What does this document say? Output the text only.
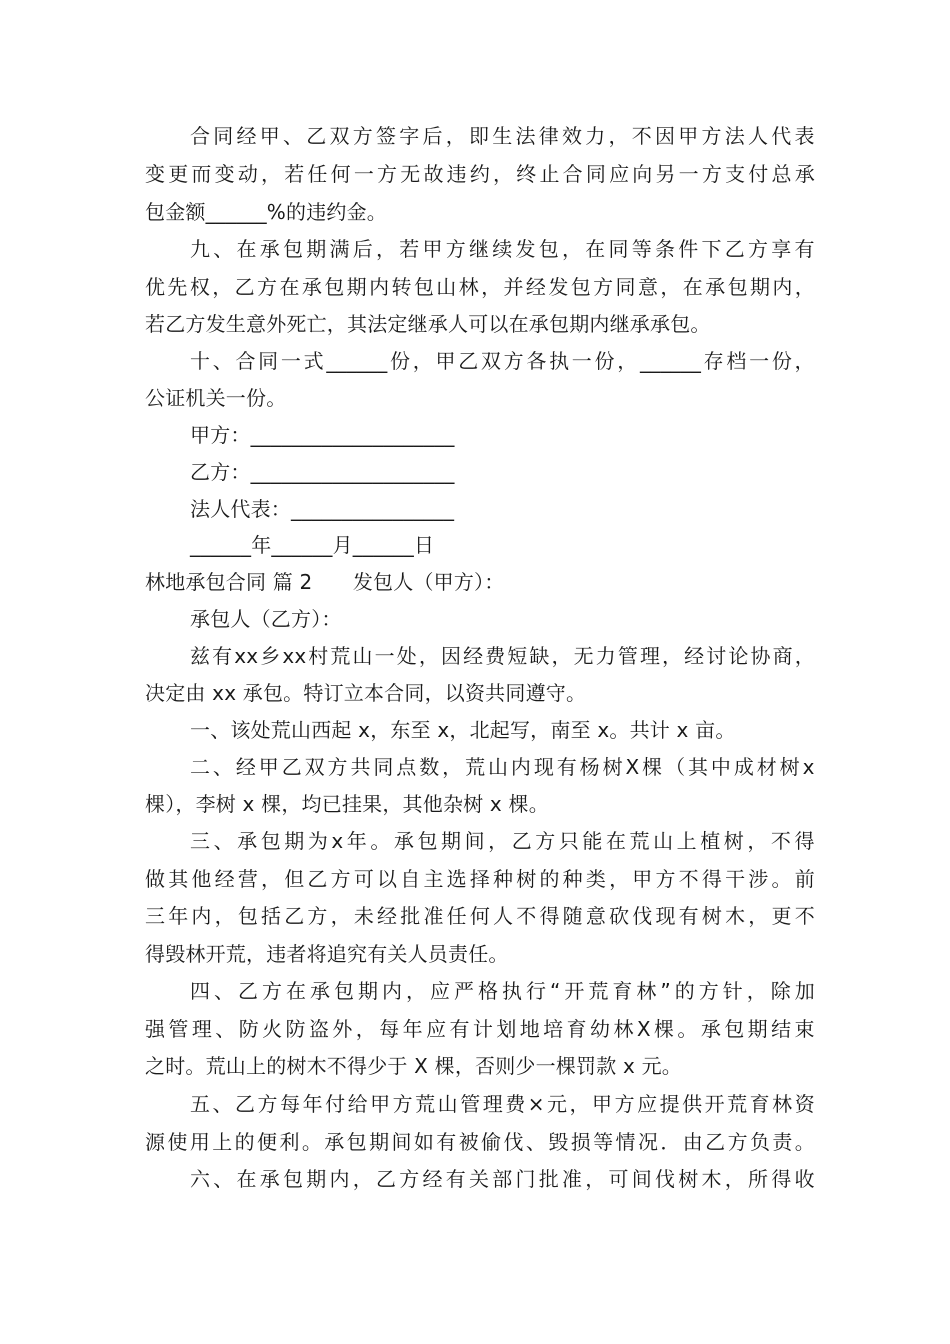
合 同 经 甲 、 乙 双 方 签 字 后 ， 即 生 法 律 效 力 ， 不 因 甲 方 法 人 代 表
变 更 而 变 动 ， 若 任 何 一 方 无 故 违 约 ， 终 止 合 同 应 向 另 一 方 支 付 总 承
包金额______%的违约金。
九 、 在 承 包 期 满 后 ， 若 甲 方 继 续 发 包 ， 在 同 等 条 件 下 乙 方 享 有
优 先 权 ， 乙 方 在 承 包 期 内 转 包 山 林 ， 并 经 发 包 方 同 意 ， 在 承 包 期 内 ，
若乙方发生意外死亡，其法定继承人可以在承包期内继承承包。
十 、 合 同 一 式 ______ 份 ， 甲 乙 双 方 各 执 一 份 ， ______ 存 档 一 份 ，
公证机关一份。
甲方：____________________
乙方：____________________
法人代表：________________
______年______月______日
林地承包合同 篇 2　　发包人（甲方）：
承包人（乙方）：
兹 有 xx 乡 xx 村 荒 山 一 处 ， 因 经 费 短 缺 ， 无 力 管 理 ， 经 讨 论 协 商 ，
决定由 xx 承包。特订立本合同，以资共同遵守。
一、该处荒山西起 x，东至 x，北起写，南至 x。共计 x 亩。
二 、 经 甲 乙 双 方 共 同 点 数 ， 荒 山 内 现 有 杨 树 X 棵 （ 其 中 成 材 树 x
棵），李树 x 棵，均已挂果，其他杂树 x 棵。
三 、 承 包 期 为 x 年 。 承 包 期 间 ， 乙 方 只 能 在 荒 山 上 植 树 ， 不 得
做 其 他 经 营 ， 但 乙 方 可 以 自 主 选 择 种 树 的 种 类 ， 甲 方 不 得 干 涉 。 前
三 年 内 ， 包 括 乙 方 ， 未 经 批 准 任 何 人 不 得 随 意 砍 伐 现 有 树 木 ， 更 不
得毁林开荒，违者将追究有关人员责任。
四 、 乙 方 在 承 包 期 内 ， 应 严 格 执 行 “ 开 荒 育 林 ” 的 方 针 ， 除 加
强 管 理 、 防 火 防 盗 外 ， 每 年 应 有 计 划 地 培 育 幼 林 X 棵 。 承 包 期 结 束
之时。荒山上的树木不得少于 X 棵，否则少一棵罚款 x 元。
五 、 乙 方 每 年 付 给 甲 方 荒 山 管 理 费 × 元 ， 甲 方 应 提 供 开 荒 育 林 资
源 使 用 上 的 便 利 。 承 包 期 间 如 有 被 偷 伐 、 毁 损 等 情 况 ． 由 乙 方 负 责 。
六 、 在 承 包 期 内 ， 乙 方 经 有 关 部 门 批 准 ， 可 间 伐 树 木 ， 所 得 收
